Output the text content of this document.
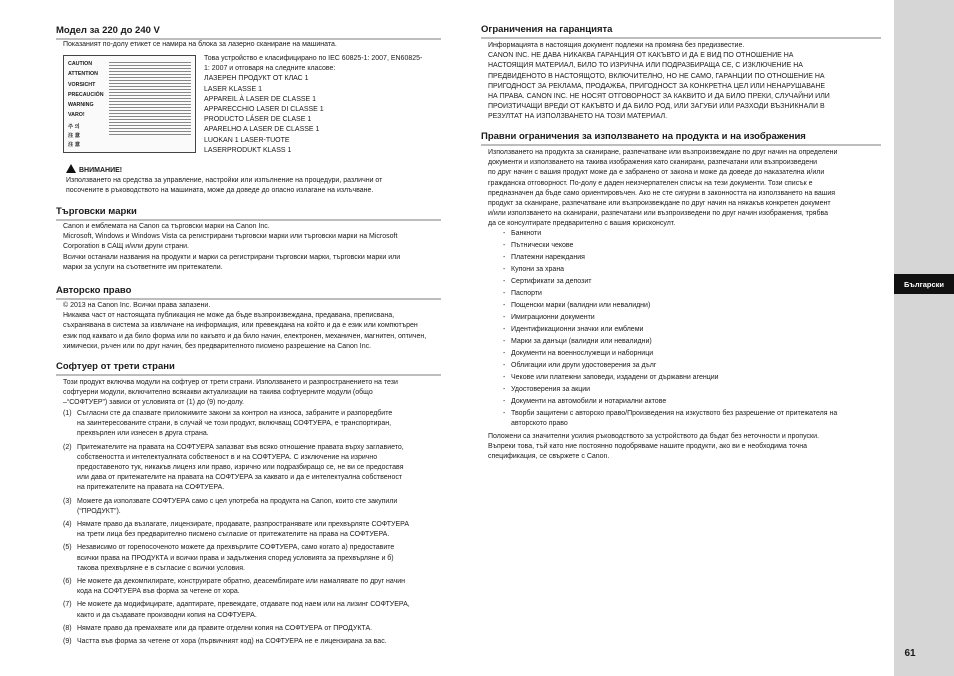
Български
61
Модел за 220 до 240 V
Показаният по-долу етикет се намира на блока за лазерно сканиране на машината.

Това устройство е класифицирано по IEC 60825-1: 2007, EN60825-

1: 2007 и отговаря на следните класове:

ЛАЗЕРЕН ПРОДУКТ ОТ КЛАС 1

LASER KLASSE 1

APPAREIL À LASER DE CLASSE 1

APPARECCHIO LASER DI CLASSE 1

PRODUCTO LÁSER DE CLASE 1

APARELHO A LASER DE CLASSE 1

LUOKAN 1 LASER-TUOTE

LASERPRODUKT KLASS 1

ВНИМАНИЕ!

Използването на средства за управление, настройки или изпълнение на процедури, различни от

посочените в ръководството на машината, може да доведе до опасно излагане на излъчване.

Търговски марки

Canon и емблемата на Canon са търговски марки на Canon Inc.

Microsoft, Windows и Windows Vista са регистрирани търговски марки или търговски марки на Microsoft

Corporation в САЩ и/или други страни.

Всички останали названия на продукти и марки са регистрирани търговски марки, търговски марки или

марки за услуги на съответните им притежатели.

Авторско право

© 2013 на Canon Inc. Всички права запазени.

Никаква част от настоящата публикация не може да бъде възпроизвеждана, предавана, преписвана,

съхранявана в система за извличане на информация, или превеждана на който и да е език или компютърен

език под каквато и да било форма или по какъвто и да било начин, електронен, механичен, магнитен, оптичен,

химически, ръчен или по друг начин, без предварителното писмено разрешение на Canon Inc.

Софтуер от трети страни

Този продукт включва модули на софтуер от трети страни. Използването и разпространението на тези

софтуерни модули, включително всякакви актуализации на такива софтуерните модули (общо

–“СОФТУЕР”) зависи от условията от (1) до (9) по-долу.

(1) Съгласни сте да спазвате приложимите закони за контрол на износа, забраните и разпоредбите

на заинтересованите страни, в случай че този продукт, включващ СОФТУЕРА, е транспортиран,

прехвърлен или изнесен в друга страна.

(2) Притежателите на правата на СОФТУЕРА запазват във всяко отношение правата върху заглавието,

собствеността и интелектуалната собственост в и на СОФТУЕРА. С изключение на изрично

предоставеното тук, никакъв лиценз или право, изрично или подразбиращо се, не ви се предоставя

или дава от притежателите на правата на СОФТУЕРА за каквато и да е интелектуална собственост

на притежателите на правата на СОФТУЕРА.

(3) Можете да използвате СОФТУЕРА само с цел употреба на продукта на Canon, които сте закупили

(“ПРОДУКТ”).

(4) Нямате право да възлагате, лицензирате, продавате, разпространявате или прехвърляте СОФТУЕРА

на трети лица без предварително писмено съгласие от притежателите на права на СОФТУЕРА.

(5) Независимо от горепосоченото можете да прехвърлите СОФТУЕРА, само когато а) предоставите

всички права на ПРОДУКТА и всички права и задължения според условията за прехвърляне и б)

такова прехвърляне е в съгласие с всички условия.

(6) Не можете да декомпилирате, конструирате обратно, деасемблирате или намалявате по друг начин

кода на СОФТУЕРА във форма за четене от хора.

(7) Не можете да модифицирате, адаптирате, превеждате, отдавате под наем или на лизинг СОФТУЕРА,

както и да създавате производни копия на СОФТУЕРА.

(8) Нямате право да премахвате или да правите отделни копия на СОФТУЕРА от ПРОДУКТА.

(9) Частта във форма за четене от хора (първичният код) на СОФТУЕРА не е лицензирана за вас.

CAUTION
ATTENTION
VORSICHT
PRECAUCIÓN
WARNING
VARO!
주 의
注 意
注 意
Ограничения на гаранцията

Информацията в настоящия документ подлежи на промяна без предизвестие.

CANON INC. НЕ ДАВА НИКАКВА ГАРАНЦИЯ ОТ КАКЪВТО И ДА Е ВИД ПО ОТНОШЕНИЕ НА

НАСТОЯЩИЯ МАТЕРИАЛ, БИЛО ТО ИЗРИЧНА ИЛИ ПОДРАЗБИРАЩА СЕ, С ИЗКЛЮЧЕНИЕ НА

ПРЕДВИДЕНОТО В НАСТОЯЩОТО, ВКЛЮЧИТЕЛНО, НО НЕ САМО, ГАРАНЦИИ ПО ОТНОШЕНИЕ НА

ПРИГОДНОСТ ЗА РЕКЛАМА, ПРОДАЖБА, ПРИГОДНОСТ ЗА КОНКРЕТНА ЦЕЛ ИЛИ НЕНАРУШАВАНЕ

НА ПРАВА. CANON INC. НЕ НОСЯТ ОТГОВОРНОСТ ЗА КАКВИТО И ДА БИЛО ПРЕКИ, СЛУЧАЙНИ ИЛИ

ПРОИЗТИЧАЩИ ВРЕДИ ОТ КАКЪВТО И ДА БИЛО РОД, ИЛИ ЗАГУБИ ИЛИ РАЗХОДИ ВЪЗНИКНАЛИ В

РЕЗУЛТАТ НА ИЗПОЛЗВАНЕТО НА ТОЗИ МАТЕРИАЛ.

Правни ограничения за използването на продукта и на изображения

Използването на продукта за сканиране, разпечатване или възпроизвеждане по друг начин на определени

документи и използването на такива изображения като сканирани, разпечатани или възпроизведени

по друг начин с вашия продукт може да е забранено от закона и може да доведе до наказателна и/или

гражданска отговорност. По-долу е даден неизчерпателен списък на тези документи. Този списък е

предназначен да бъде само ориентировъчен. Ако не сте сигурни в законността на използването на вашия

продукт за сканиране, разпечатване или възпроизвеждане по друг начин на някакъв конкретен документ

и/или използването на сканирани, разпечатани или възпроизведени по друг начин изображения, трябва

да се консултирате предварително с вашия юрисконсулт.

- Банкноти
- Пътнически чекове
- Платежни нареждания
- Купони за храна
- Сертификати за депозит
- Паспорти
- Пощенски марки (валидни или невалидни)
- Имиграционни документи
- Идентификационни значки или емблеми
- Марки за данъци (валидни или невалидни)
- Документи на военнослужещи и наборници
- Облигации или други удостоверения за дълг
- Чекове или платежни заповеди, издадени от държавни агенции
- Удостоверения за акции
- Документи на автомобили и нотариални актове
- Творби защитени с авторско право/Произведения на изкуството без разрешение от притежателя на
авторското право

Положени са значителни усилия ръководството за устройството да бъдат без неточности и пропуски.

Въпреки това, тъй като ние постоянно подобряваме нашите продукти, ако ви е необходима точна

спецификация, се свържете с Canon.
